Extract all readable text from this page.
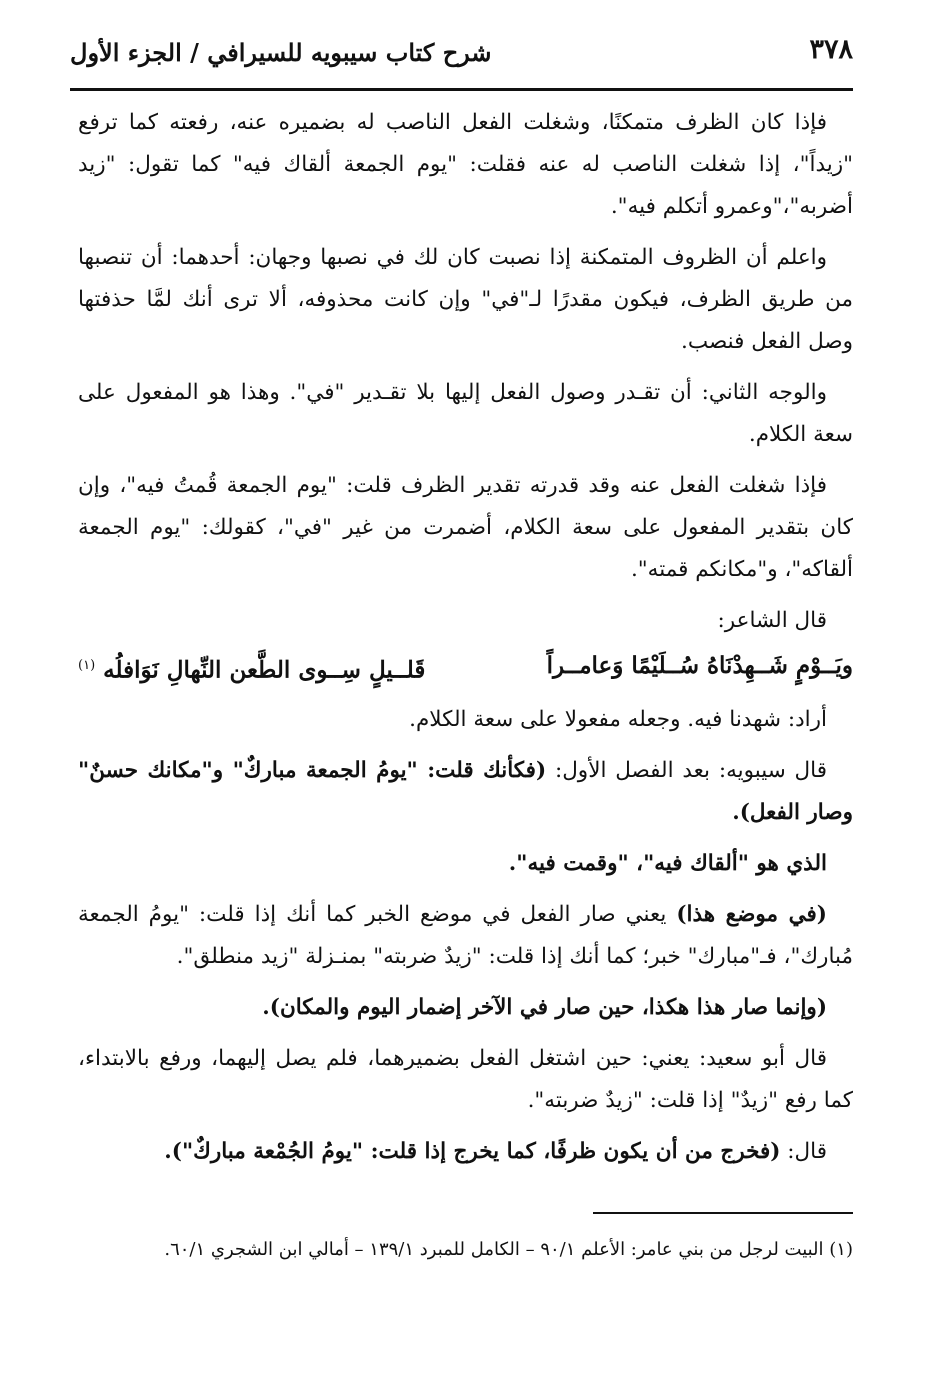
٣٧٨
شرح كتاب سيبويه للسيرافي / الجزء الأول

فإذا كان الظرف متمكنًا، وشغلت الفعل الناصب له بضميره عنه، رفعته كما ترفع "زيداً"، إذا شغلت الناصب له عنه فقلت: "يوم الجمعة ألقاك فيه" كما تقول: "زيد أضربه"،"وعمرو أتكلم فيه".

واعلم أن الظروف المتمكنة إذا نصبت كان لك في نصبها وجهان: أحدهما: أن تنصبها من طريق الظرف، فيكون مقدرًا لـ"في" وإن كانت محذوفه، ألا ترى أنك لمَّا حذفتها وصل الفعل فنصب.

والوجه الثاني: أن تقـدر وصول الفعل إليها بلا تقـدير "في". وهذا هو المفعول على سعة الكلام.

فإذا شغلت الفعل عنه وقد قدرته تقدير الظرف قلت: "يوم الجمعة قُمتُ فيه"، وإن كان بتقدير المفعول على سعة الكلام، أضمرت من غير "في"، كقولك: "يوم الجمعة ألقاكه"، و"مكانكم قمته".

قال الشاعر:

ويَــوْمٍ شَــهِدْنَاهُ سُــلَيْمًا وَعامــراً
قَلــيلٍ سِــوى الطَّعن النِّهالِ نَوَافلُه $^{(١)}$

أراد: شهدنا فيه. وجعله مفعولا على سعة الكلام.

قال سيبويه: بعد الفصل الأول: (فكأنك قلت: "يومُ الجمعة مباركٌ" و"مكانك حسنٌ" وصار الفعل).

الذي هو "ألقاك فيه"، "وقمت فيه".

(في موضع هذا) يعني صار الفعل في موضع الخبر كما أنك إذا قلت: "يومُ الجمعة مُبارك"، فـ"مبارك" خبر؛ كما أنك إذا قلت: "زيدٌ ضربته" بمنـزلة "زيد منطلق".

(وإنما صار هذا هكذا، حين صار في الآخر إضمار اليوم والمكان).

قال أبو سعيد: يعني: حين اشتغل الفعل بضميرهما، فلم يصل إليهما، ورفع بالابتداء، كما رفع "زيدٌ" إذا قلت: "زيدٌ ضربته".

قال: (فخرج من أن يكون ظرفًا، كما يخرج إذا قلت: "يومُ الجُمْعة مباركٌ").

(١) البيت لرجل من بني عامر: الأعلم ٩٠/١ – الكامل للمبرد ١٣٩/١ – أمالي ابن الشجري ٦٠/١.
